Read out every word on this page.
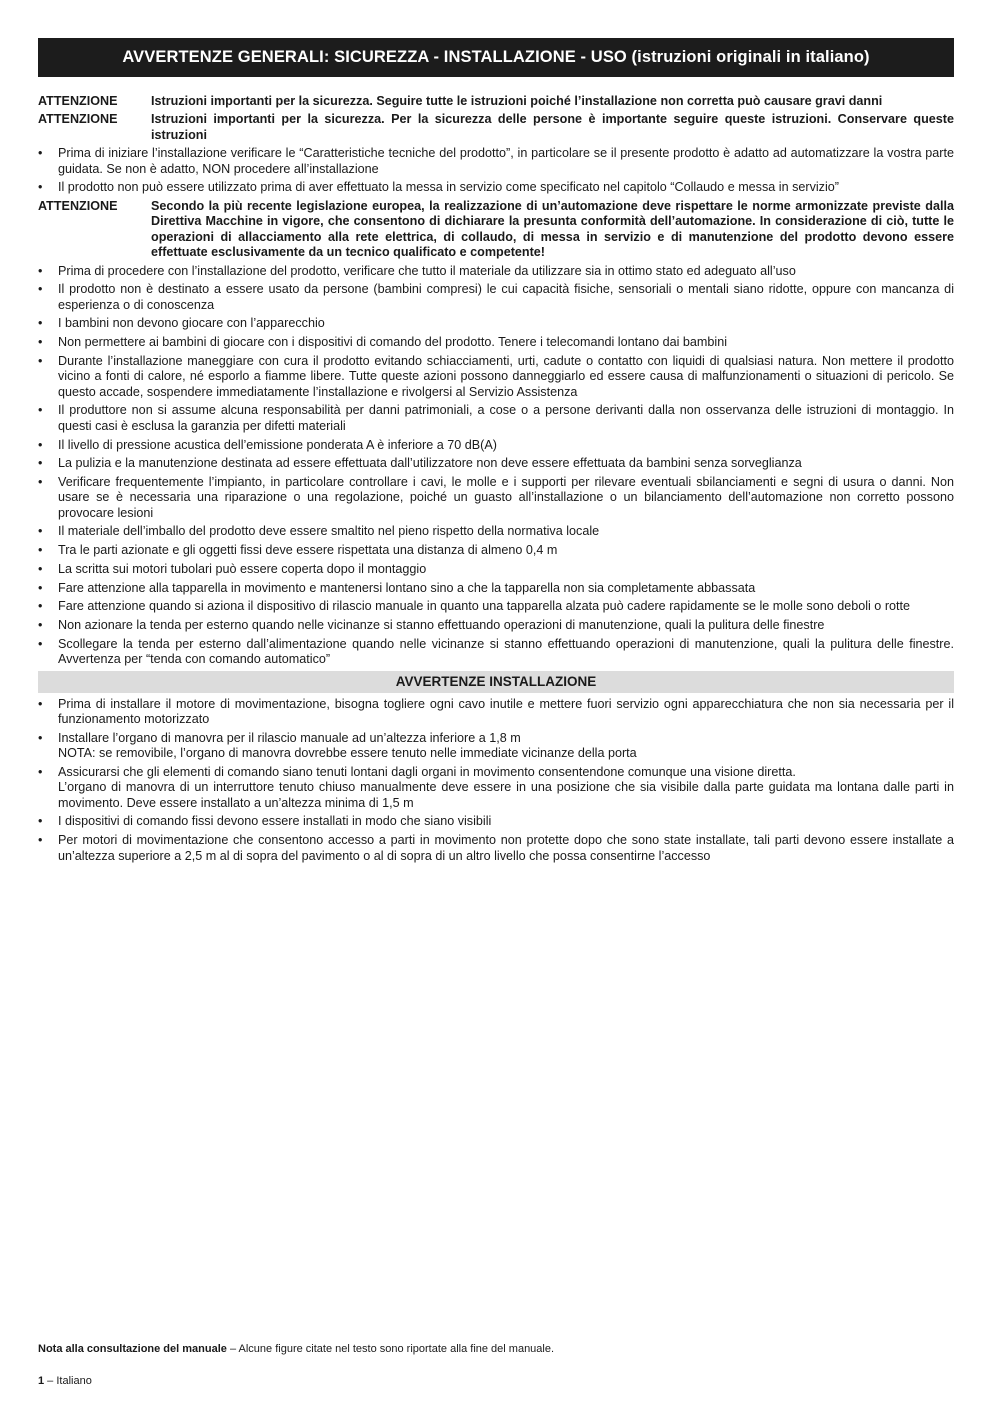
AVVERTENZE GENERALI: SICUREZZA - INSTALLAZIONE - USO (istruzioni originali in italiano)
ATTENZIONE	Istruzioni importanti per la sicurezza. Seguire tutte le istruzioni poiché l’installazione non corretta può causare gravi danni
ATTENZIONE	Istruzioni importanti per la sicurezza. Per la sicurezza delle persone è importante seguire queste istruzioni. Conservare queste istruzioni
•	Prima di iniziare l’installazione verificare le “Caratteristiche tecniche del prodotto”, in particolare se il presente prodotto è adatto ad automatizzare la vostra parte guidata. Se non è adatto, NON procedere all’installazione
•	Il prodotto non può essere utilizzato prima di aver effettuato la messa in servizio come specificato nel capitolo “Collaudo e messa in servizio”
ATTENZIONE	Secondo la più recente legislazione europea, la realizzazione di un’automazione deve rispettare le norme armonizzate previste dalla Direttiva Macchine in vigore, che consentono di dichiarare la presunta conformità dell’automazione. In considerazione di ciò, tutte le operazioni di allacciamento alla rete elettrica, di collaudo, di messa in servizio e di manutenzione del prodotto devono essere effettuate esclusivamente da un tecnico qualificato e competente!
•	Prima di procedere con l’installazione del prodotto, verificare che tutto il materiale da utilizzare sia in ottimo stato ed adeguato all’uso
•	Il prodotto non è destinato a essere usato da persone (bambini compresi) le cui capacità fisiche, sensoriali o mentali siano ridotte, oppure con mancanza di esperienza o di conoscenza
•	I bambini non devono giocare con l’apparecchio
•	Non permettere ai bambini di giocare con i dispositivi di comando del prodotto. Tenere i telecomandi lontano dai bambini
•	Durante l’installazione maneggiare con cura il prodotto evitando schiacciamenti, urti, cadute o contatto con liquidi di qualsiasi natura. Non mettere il prodotto vicino a fonti di calore, né esporlo a fiamme libere. Tutte queste azioni possono danneggiarlo ed essere causa di malfunzionamenti o situazioni di pericolo. Se questo accade, sospendere immediatamente l’installazione e rivolgersi al Servizio Assistenza
•	Il produttore non si assume alcuna responsabilità per danni patrimoniali, a cose o a persone derivanti dalla non osservanza delle istruzioni di montaggio. In questi casi è esclusa la garanzia per difetti materiali
•	Il livello di pressione acustica dell’emissione ponderata A è inferiore a 70 dB(A)
•	La pulizia e la manutenzione destinata ad essere effettuata dall’utilizzatore non deve essere effettuata da bambini senza sorveglianza
•	Verificare frequentemente l’impianto, in particolare controllare i cavi, le molle e i supporti per rilevare eventuali sbilanciamenti e segni di usura o danni. Non usare se è necessaria una riparazione o una regolazione, poiché un guasto all’installazione o un bilanciamento dell’automazione non corretto possono provocare lesioni
•	Il materiale dell’imballo del prodotto deve essere smaltito nel pieno rispetto della normativa locale
•	Tra le parti azionate e gli oggetti fissi deve essere rispettata una distanza di almeno 0,4 m
•	La scritta sui motori tubolari può essere coperta dopo il montaggio
•	Fare attenzione alla tapparella in movimento e mantenersi lontano sino a che la tapparella non sia completamente abbassata
•	Fare attenzione quando si aziona il dispositivo di rilascio manuale in quanto una tapparella alzata può cadere rapidamente se le molle sono deboli o rotte
•	Non azionare la tenda per esterno quando nelle vicinanze si stanno effettuando operazioni di manutenzione, quali la pulitura delle finestre
•	Scollegare la tenda per esterno dall’alimentazione quando nelle vicinanze si stanno effettuando operazioni di manutenzione, quali la pulitura delle finestre. Avvertenza per “tenda con comando automatico”
AVVERTENZE INSTALLAZIONE
•	Prima di installare il motore di movimentazione, bisogna togliere ogni cavo inutile e mettere fuori servizio ogni apparecchiatura che non sia necessaria per il funzionamento motorizzato
•	Installare l’organo di manovra per il rilascio manuale ad un’altezza inferiore a 1,8 m
NOTA: se removibile, l’organo di manovra dovrebbe essere tenuto nelle immediate vicinanze della porta
•	Assicurarsi che gli elementi di comando siano tenuti lontani dagli organi in movimento consentendone comunque una visione diretta.
L’organo di manovra di un interruttore tenuto chiuso manualmente deve essere in una posizione che sia visibile dalla parte guidata ma lontana dalle parti in movimento. Deve essere installato a un’altezza minima di 1,5 m
•	I dispositivi di comando fissi devono essere installati in modo che siano visibili
•	Per motori di movimentazione che consentono accesso a parti in movimento non protette dopo che sono state installate, tali parti devono essere installate a un’altezza superiore a 2,5 m al di sopra del pavimento o al di sopra di un altro livello che possa consentirne l’accesso
Nota alla consultazione del manuale – Alcune figure citate nel testo sono riportate alla fine del manuale.
1 – Italiano
